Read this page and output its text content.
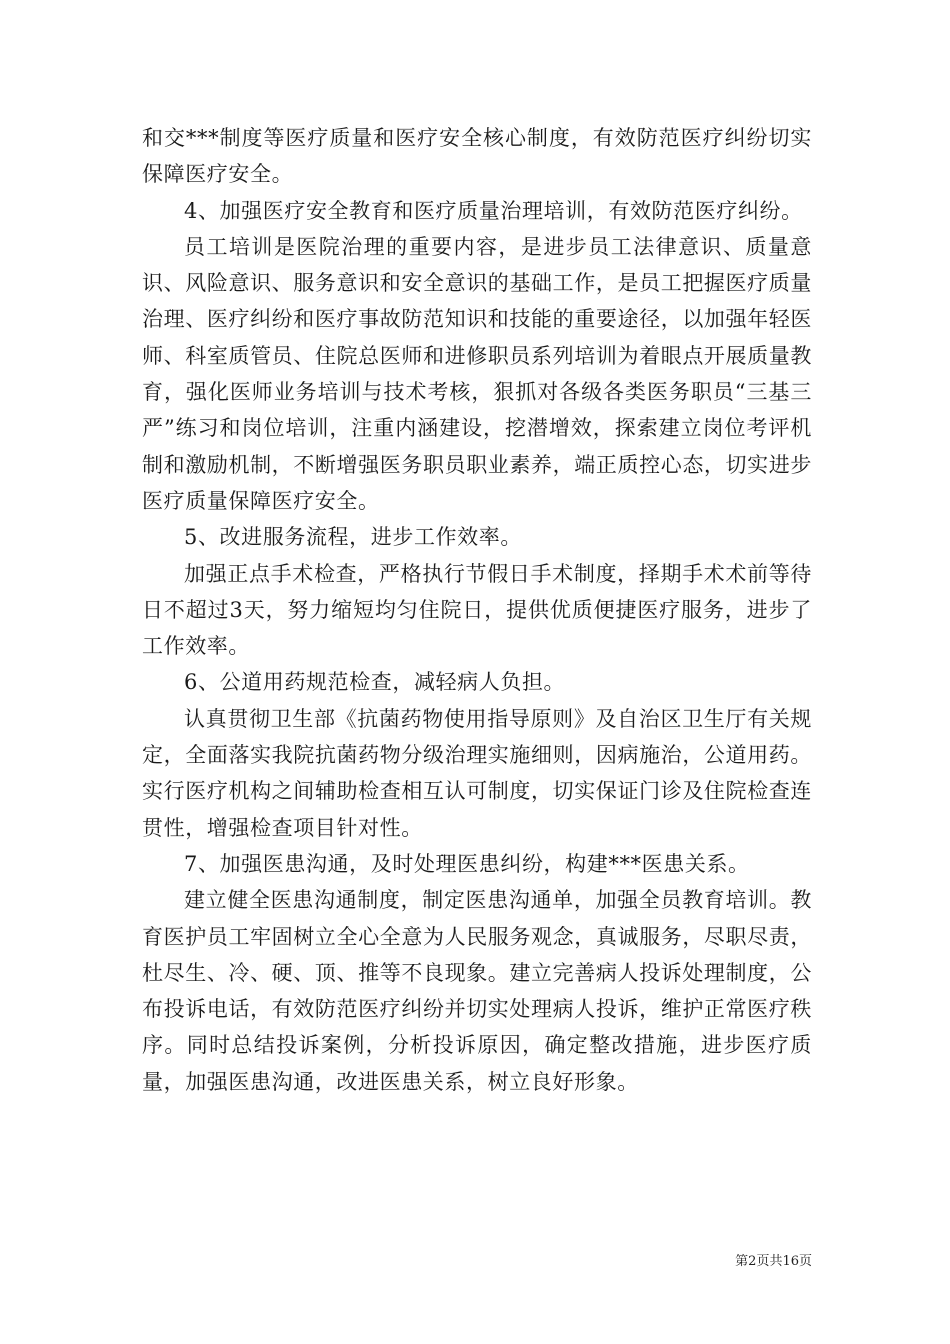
和交***制度等医疗质量和医疗安全核心制度，有效防范医疗纠纷切实保障医疗安全。

4、加强医疗安全教育和医疗质量治理培训，有效防范医疗纠纷。

员工培训是医院治理的重要内容，是进步员工法律意识、质量意识、风险意识、服务意识和安全意识的基础工作，是员工把握医疗质量治理、医疗纠纷和医疗事故防范知识和技能的重要途径，以加强年轻医师、科室质管员、住院总医师和进修职员系列培训为着眼点开展质量教育，强化医师业务培训与技术考核，狠抓对各级各类医务职员“三基三严”练习和岗位培训，注重内涵建设，挖潜增效，探索建立岗位考评机制和激励机制，不断增强医务职员职业素养，端正质控心态，切实进步医疗质量保障医疗安全。

5、改进服务流程，进步工作效率。

加强正点手术检查，严格执行节假日手术制度，择期手术术前等待日不超过3天，努力缩短均匀住院日，提供优质便捷医疗服务，进步了工作效率。

6、公道用药规范检查，减轻病人负担。

认真贯彻卫生部《抗菌药物使用指导原则》及自治区卫生厅有关规定，全面落实我院抗菌药物分级治理实施细则，因病施治，公道用药。实行医疗机构之间辅助检查相互认可制度，切实保证门诊及住院检查连贯性，增强检查项目针对性。

7、加强医患沟通，及时处理医患纠纷，构建***医患关系。

建立健全医患沟通制度，制定医患沟通单，加强全员教育培训。教育医护员工牢固树立全心全意为人民服务观念，真诚服务，尽职尽责，杜尽生、冷、硬、顶、推等不良现象。建立完善病人投诉处理制度，公布投诉电话，有效防范医疗纠纷并切实处理病人投诉，维护正常医疗秩序。同时总结投诉案例，分析投诉原因，确定整改措施，进步医疗质量，加强医患沟通，改进医患关系，树立良好形象。

第2页共16页
